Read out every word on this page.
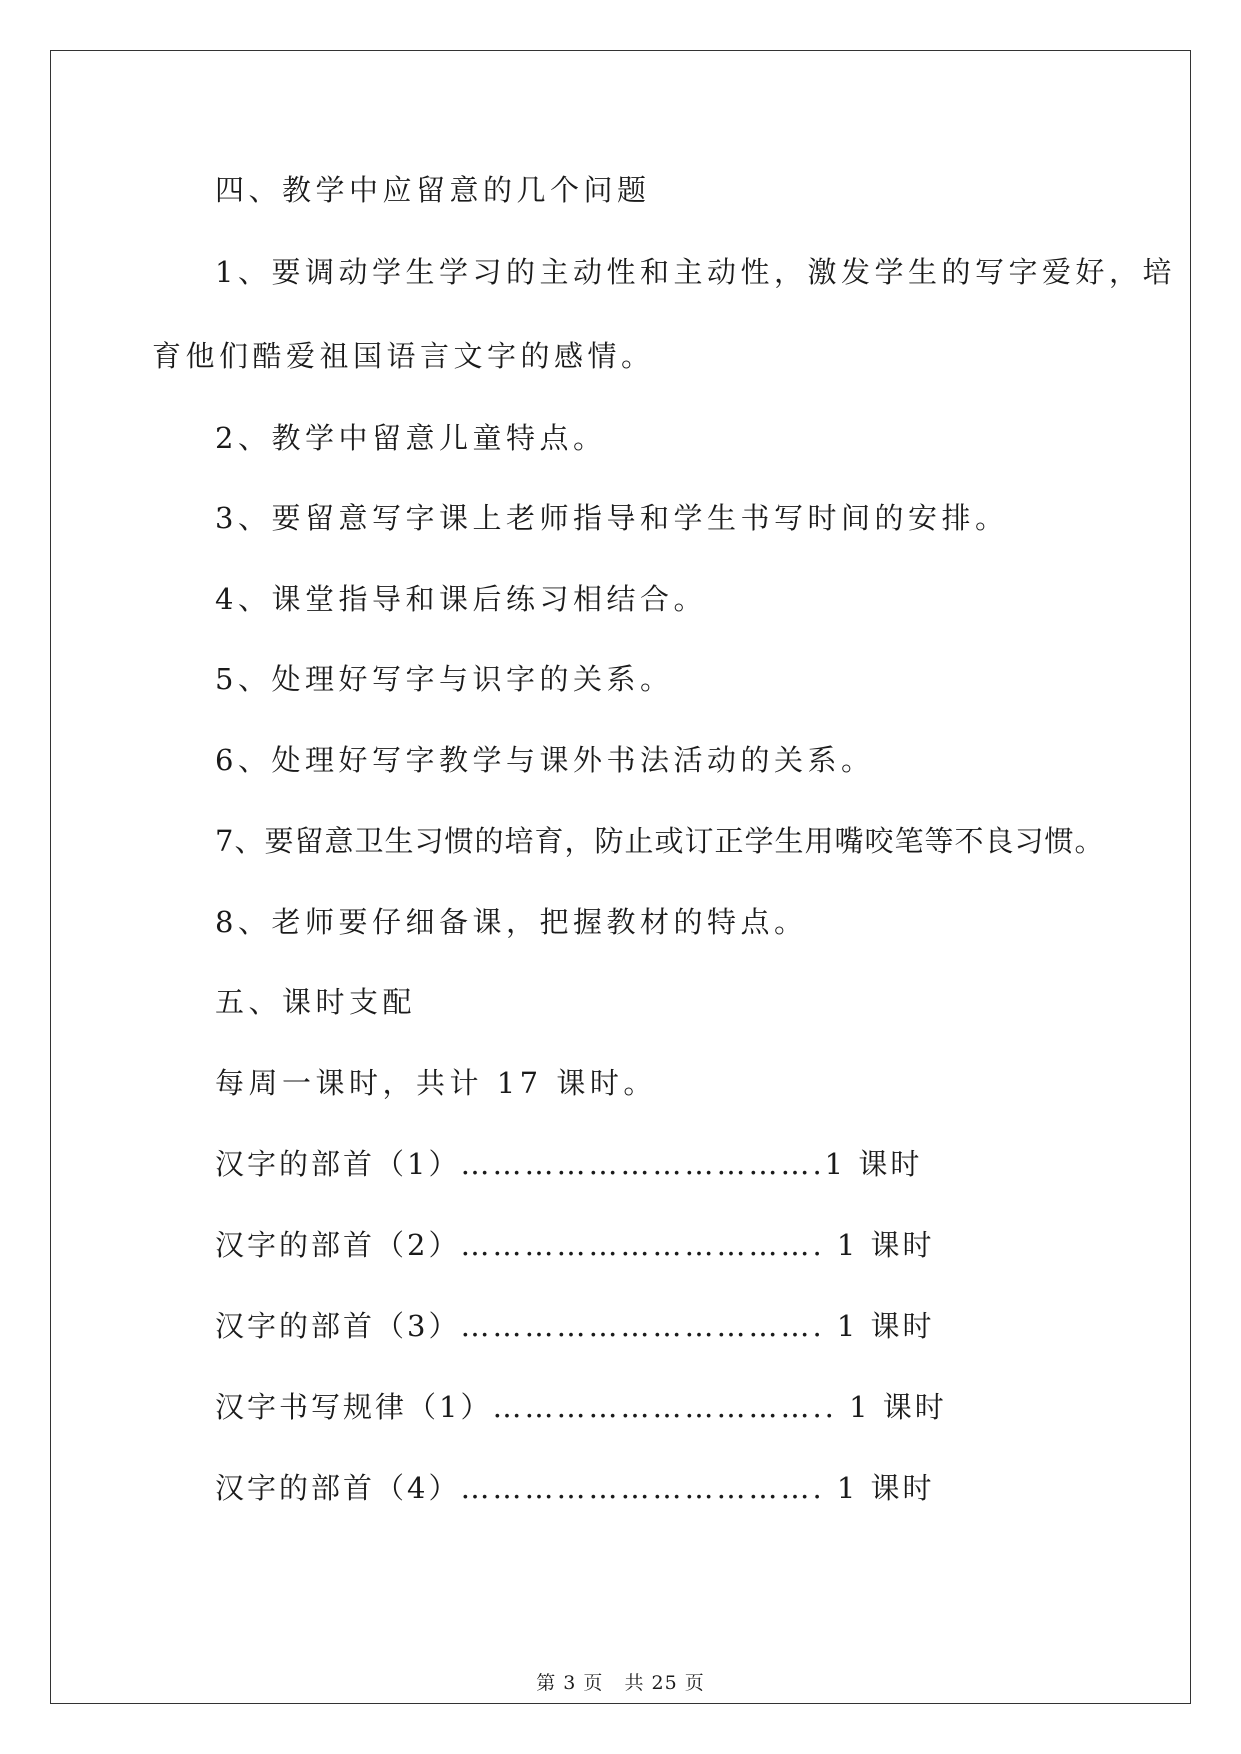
四、教学中应留意的几个问题
1、要调动学生学习的主动性和主动性，激发学生的写字爱好，培
育他们酷爱祖国语言文字的感情。
2、教学中留意儿童特点。
3、要留意写字课上老师指导和学生书写时间的安排。
4、课堂指导和课后练习相结合。
5、处理好写字与识字的关系。
6、处理好写字教学与课外书法活动的关系。
7、要留意卫生习惯的培育，防止或订正学生用嘴咬笔等不良习惯。
8、老师要仔细备课，把握教材的特点。
五、课时支配
每周一课时，共计 17 课时。
汉字的部首（1）…………………………….1 课时
汉字的部首（2）……………………………. 1 课时
汉字的部首（3）……………………………. 1 课时
汉字书写规律（1）………………………….. 1 课时
汉字的部首（4）……………………………. 1 课时
第 3 页   共 25 页
